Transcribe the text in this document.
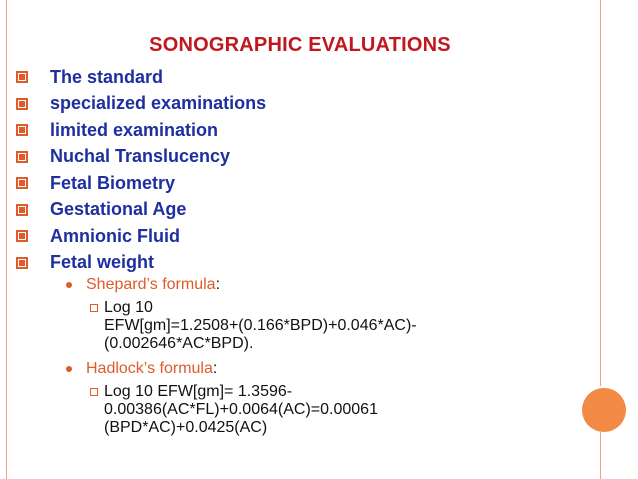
SONOGRAPHIC EVALUATIONS
The standard
specialized examinations
limited examination
Nuchal Translucency
Fetal Biometry
Gestational Age
Amnionic Fluid
Fetal weight
Shepard’s formula :
Log 10
EFW[gm]=1.2508+(0.166*BPD)+0.046*AC)-
(0.002646*AC*BPD).
Hadlock’s formula :
Log 10 EFW[gm]= 1.3596-
0.00386(AC*FL)+0.0064(AC)=0.00061
(BPD*AC)+0.0425(AC)
